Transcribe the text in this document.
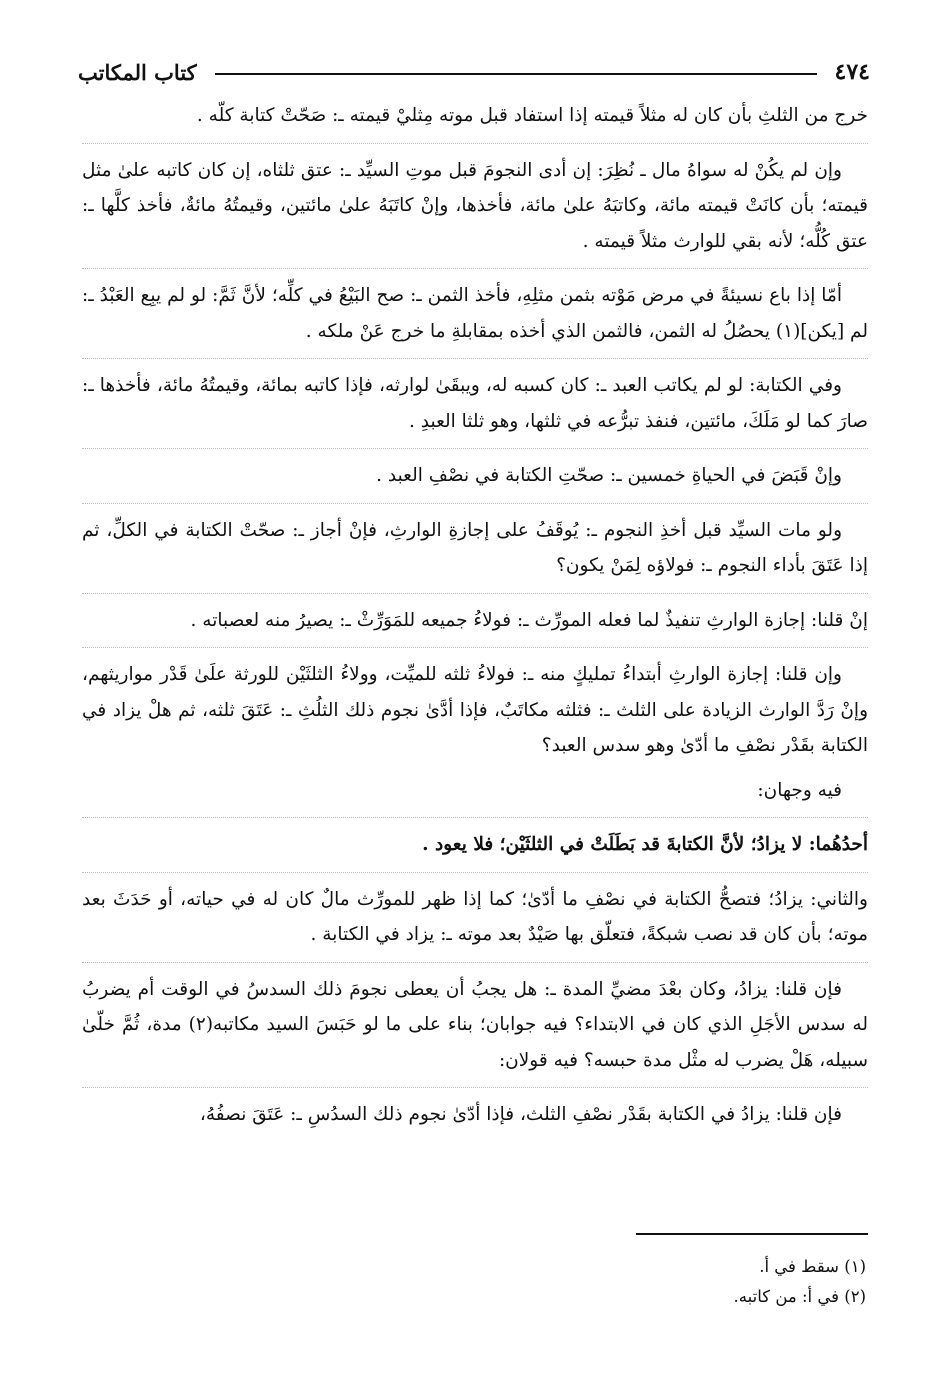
٤٧٤
كتاب المكاتب

خرج من الثلثِ بأن كان له مثلاً قيمته إذا استفاد قبل موته مِثليْ قيمته ـ: صَحّتْ كتابة كلّه .

وإن لم يكُنْ له سواهُ مال ـ نُظِرَ: إن أدى النجومَ قبل موتِ السيِّد ـ: عتق ثلثاه، إن كان كاتبه علىٰ مثل قيمته؛ بأن كانَتْ قيمته مائة، وكاتبَهُ علىٰ مائة، فأخذها، وإنْ كاتَبَهُ علىٰ مائتين، وقيمتُهُ مائةٌ، فأخذ كلَّها ـ: عتق كُلُّه؛ لأنه بقي للوارث مثلاً قيمته .

أمّا إذا باع نسيئةً في مرض مَوْته بثمن مثلِهِ، فأخذ الثمن ـ: صح البَيْعُ في كلِّه؛ لأنَّ ثَمَّ: لو لم يبِع العَبْدُ ـ: لم [يكن](١) يحصُلُ له الثمن، فالثمن الذي أخذه بمقابلةِ ما خرج عَنْ ملكه .

وفي الكتابة: لو لم يكاتب العبد ـ: كان كسبه له، ويبقَىٰ لوارثه، فإذا كاتبه بمائة، وقيمتُهُ مائة، فأخذها ـ: صارَ كما لو مَلَكَ، مائتين، فنفذ تبرُّعه في ثلثها، وهو ثلثا العبدِ .

وإنْ قَبَضَ في الحياةِ خمسين ـ: صحّتِ الكتابة في نصْفِ العبد .

ولو مات السيِّد قبل أخذِ النجوم ـ: يُوقَفُ على إجازةِ الوارثِ، فإنْ أجاز ـ: صحّتْ الكتابة في الكلِّ، ثم إذا عَتَقَ بأداء النجوم ـ: فولاؤه لِمَنْ يكون؟

إنْ قلنا: إجازة الوارثِ تنفيذٌ لما فعله المورِّث ـ: فولاءُ جميعه للمَوَرِّثْ ـ: يصيرُ منه لعصباته .

وإن قلنا: إجازة الوارثِ أبتداءُ تمليكٍ منه ـ: فولاءُ ثلثه للميِّت، وولاءُ الثلثَيْن للورثة علَىٰ قَدْر مواريثهم، وإنْ رَدَّ الوارث الزيادة على الثلث ـ: فثلثه مكاتَبٌ، فإذا أدَّىٰ نجوم ذلك الثلُثِ ـ: عَتَقَ ثلثه، ثم هلْ يزاد في الكتابة بقَدْر نصْفِ ما أدّىٰ وهو سدس العبد؟

فيه وجهان:

أحدُهُما: لا يزادُ؛ لأنَّ الكتابةَ قد بَطَلَتْ في الثلثَيْن؛ فلا يعود .

والثاني: يزادُ؛ فتصحُّ الكتابة في نصْفِ ما أدّىٰ؛ كما إذا ظهر للمورِّث مالٌ كان له في حياته، أو حَدَثَ بعد موته؛ بأن كان قد نصب شبكةً، فتعلّق بها صَيْدٌ بعد موته ـ: يزاد في الكتابة .

فإن قلنا: يزادُ، وكان بعْدَ مضيِّ المدة ـ: هل يجبُ أن يعطى نجومَ ذلك السدسُ في الوقت أم يضربُ له سدس الأجَلِ الذي كان في الابتداء؟ فيه جوابان؛ بناء على ما لو حَبَسَ السيد مكاتبه(٢) مدة، ثُمَّ خلّىٰ سبيله، هَلْ يضرب له مثْل مدة حبسه؟ فيه قولان:

فإن قلنا: يزادُ في الكتابة بقَدْر نصْفِ الثلث، فإذا أدّىٰ نجوم ذلك السدُسِ ـ: عَتَقَ نصفُهُ،

(١) سقط في أ.
(٢) في أ: من كاتبه.
